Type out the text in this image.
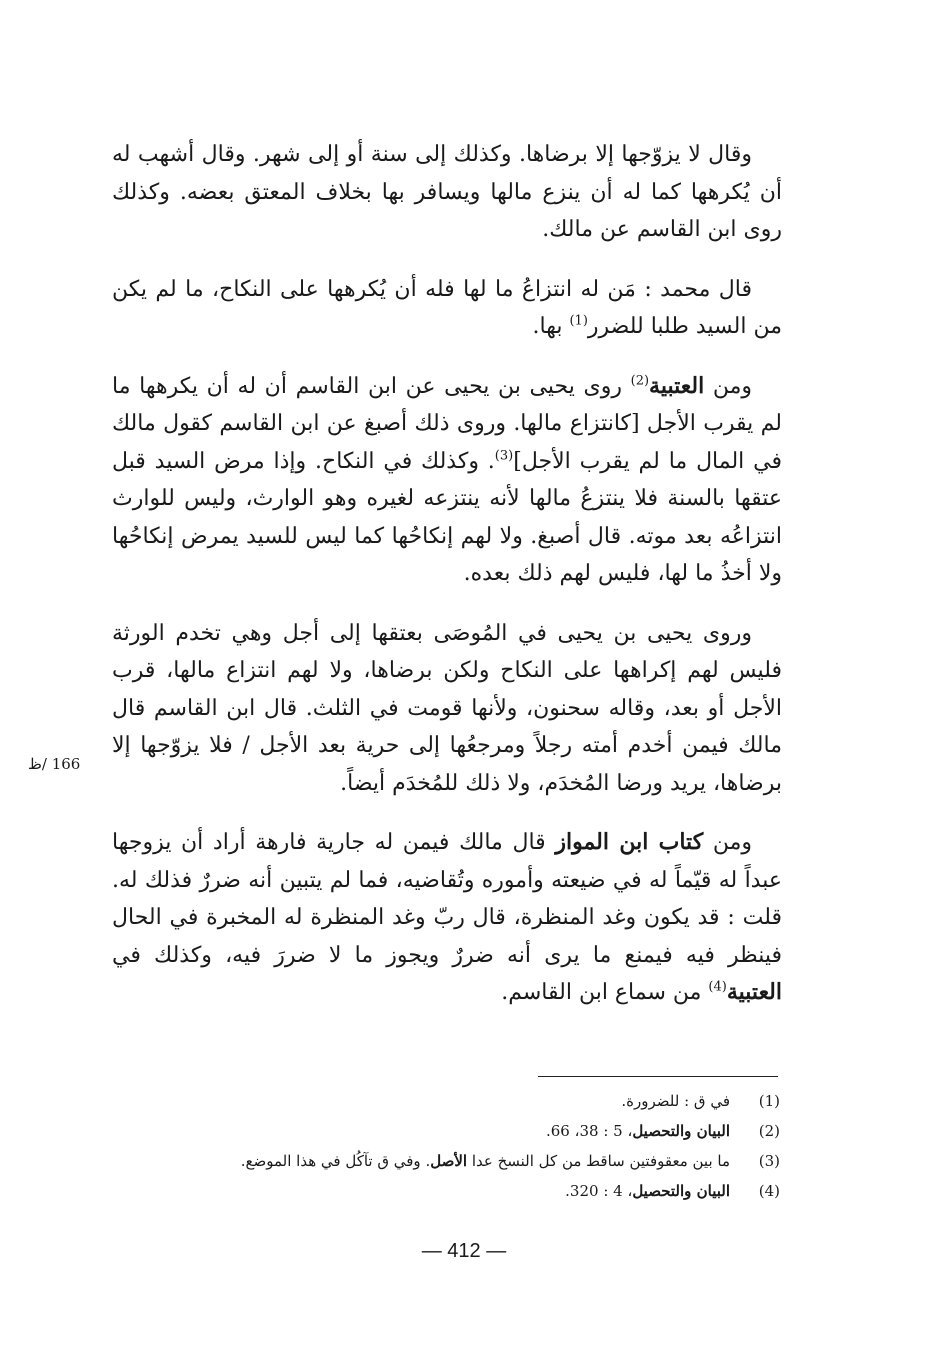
وقال لا يزوّجها إلا برضاها. وكذلك إلى سنة أو إلى شهر. وقال أشهب له أن يُكرهها كما له أن ينزع مالها ويسافر بها بخلاف المعتق بعضه. وكذلك روى ابن القاسم عن مالك.

قال محمد : مَن له انتزاعُ ما لها فله أن يُكرهها على النكاح، ما لم يكن من السيد طلبا للضرر$^{(1)}$ بها.

ومن العتبية$^{(2)}$ روى يحيى بن يحيى عن ابن القاسم أن له أن يكرهها ما لم يقرب الأجل [كانتزاع مالها. وروى ذلك أصبغ عن ابن القاسم كقول مالك في المال ما لم يقرب الأجل]$^{(3)}$. وكذلك في النكاح. وإذا مرض السيد قبل عتقها بالسنة فلا ينتزعُ مالها لأنه ينتزعه لغيره وهو الوارث، وليس للوارث انتزاعُه بعد موته. قال أصبغ. ولا لهم إنكاحُها كما ليس للسيد يمرض إنكاحُها ولا أخذُ ما لها، فليس لهم ذلك بعده.

وروى يحيى بن يحيى في المُوصَى بعتقها إلى أجل وهي تخدم الورثة فليس لهم إكراهها على النكاح ولكن برضاها، ولا لهم انتزاع مالها، قرب الأجل أو بعد، وقاله سحنون، ولأنها قومت في الثلث. قال ابن القاسم قال مالك فيمن أخدم أمته رجلاً ومرجعُها إلى حرية بعد الأجل / فلا يزوّجها إلا برضاها، يريد ورضا المُخدَم، ولا ذلك للمُخدَم أيضاً.

ومن كتاب ابن المواز قال مالك فيمن له جارية فارهة أراد أن يزوجها عبداً له قيّماً له في ضيعته وأموره وتُقاضيه، فما لم يتبين أنه ضررٌ فذلك له. قلت : قد يكون وغد المنظرة، قال ربّ وغد المنظرة له المخبرة في الحال فينظر فيه فيمنع ما يرى أنه ضررٌ ويجوز ما لا ضررَ فيه، وكذلك في العتبية$^{(4)}$ من سماع ابن القاسم.

166 /ظ
(1)
في ق : للضرورة.
(2)
البيان والتحصيل، 5 : 38، 66.
(3)
ما بين معقوفتين ساقط من كل النسخ عدا الأصل. وفي ق تآكُل في هذا الموضع.
(4)
البيان والتحصيل، 4 : 320.
— 412 —
